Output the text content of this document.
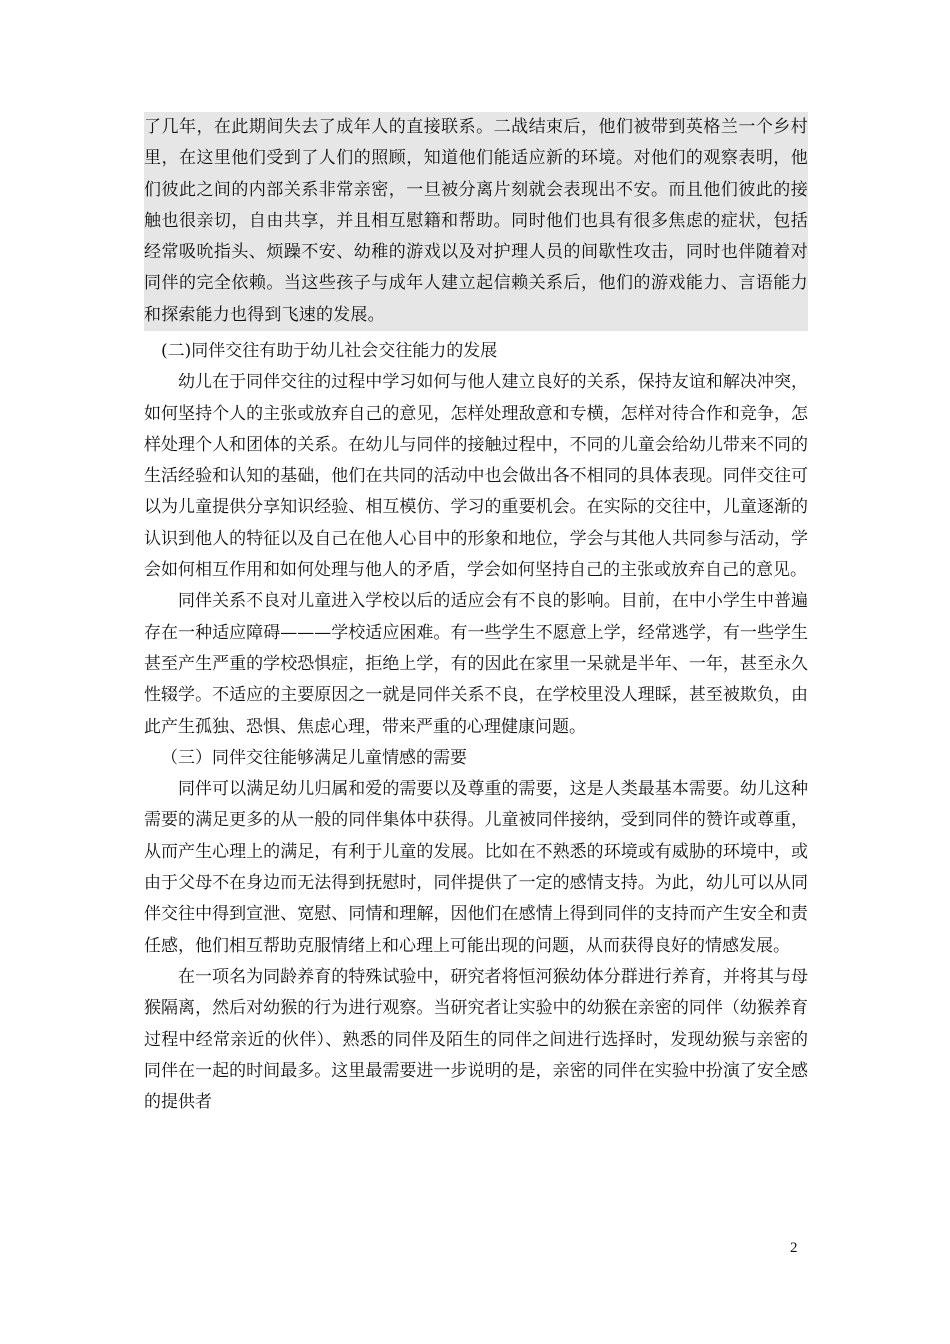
了几年，在此期间失去了成年人的直接联系。二战结束后，他们被带到英格兰一个乡村里，在这里他们受到了人们的照顾，知道他们能适应新的环境。对他们的观察表明，他们彼此之间的内部关系非常亲密，一旦被分离片刻就会表现出不安。而且他们彼此的接触也很亲切，自由共享，并且相互慰籍和帮助。同时他们也具有很多焦虑的症状，包括经常吸吮指头、烦躁不安、幼稚的游戏以及对护理人员的间歇性攻击，同时也伴随着对同伴的完全依赖。当这些孩子与成年人建立起信赖关系后，他们的游戏能力、言语能力和探索能力也得到飞速的发展。

(二)同伴交往有助于幼儿社会交往能力的发展

幼儿在于同伴交往的过程中学习如何与他人建立良好的关系，保持友谊和解决冲突，如何坚持个人的主张或放弃自己的意见，怎样处理敌意和专横，怎样对待合作和竞争，怎样处理个人和团体的关系。在幼儿与同伴的接触过程中，不同的儿童会给幼儿带来不同的生活经验和认知的基础，他们在共同的活动中也会做出各不相同的具体表现。同伴交往可以为儿童提供分享知识经验、相互模仿、学习的重要机会。在实际的交往中，儿童逐渐的认识到他人的特征以及自己在他人心目中的形象和地位，学会与其他人共同参与活动，学会如何相互作用和如何处理与他人的矛盾，学会如何坚持自己的主张或放弃自己的意见。

同伴关系不良对儿童进入学校以后的适应会有不良的影响。目前，在中小学生中普遍存在一种适应障碍———学校适应困难。有一些学生不愿意上学，经常逃学，有一些学生甚至产生严重的学校恐惧症，拒绝上学，有的因此在家里一呆就是半年、一年，甚至永久性辍学。不适应的主要原因之一就是同伴关系不良，在学校里没人理睬，甚至被欺负，由此产生孤独、恐惧、焦虑心理，带来严重的心理健康问题。

（三）同伴交往能够满足儿童情感的需要

同伴可以满足幼儿归属和爱的需要以及尊重的需要，这是人类最基本需要。幼儿这种需要的满足更多的从一般的同伴集体中获得。儿童被同伴接纳，受到同伴的赞许或尊重，从而产生心理上的满足，有利于儿童的发展。比如在不熟悉的环境或有威胁的环境中，或由于父母不在身边而无法得到抚慰时，同伴提供了一定的感情支持。为此，幼儿可以从同伴交往中得到宣泄、宽慰、同情和理解，因他们在感情上得到同伴的支持而产生安全和责任感，他们相互帮助克服情绪上和心理上可能出现的问题，从而获得良好的情感发展。

在一项名为同龄养育的特殊试验中，研究者将恒河猴幼体分群进行养育，并将其与母猴隔离，然后对幼猴的行为进行观察。当研究者让实验中的幼猴在亲密的同伴（幼猴养育过程中经常亲近的伙伴）、熟悉的同伴及陌生的同伴之间进行选择时，发现幼猴与亲密的同伴在一起的时间最多。这里最需要进一步说明的是，亲密的同伴在实验中扮演了安全感的提供者

2
